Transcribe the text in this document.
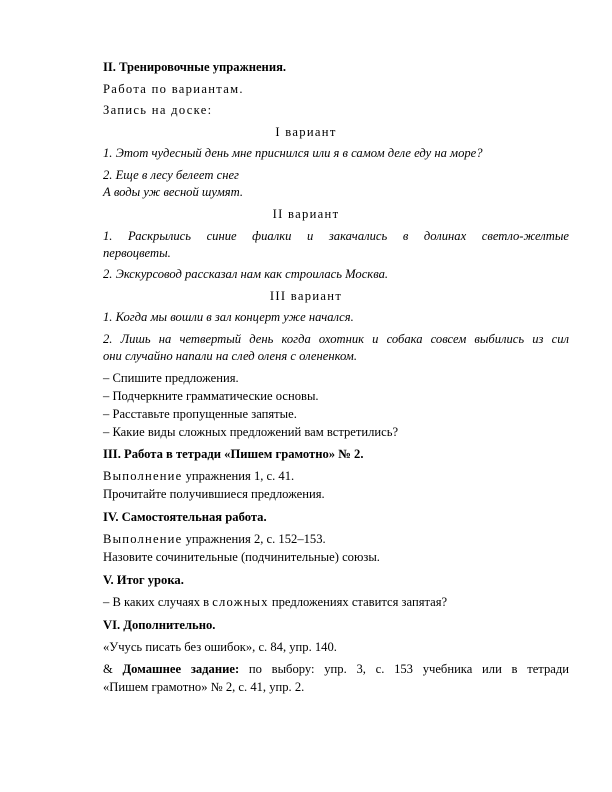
II. Тренировочные упражнения.
Работа по вариантам.
Запись на доске:
I вариант
1. Этот чудесный день мне приснился или я в самом деле еду на море?
2. Еще в лесу белеет снег
А воды уж весной шумят.
II вариант
1. Раскрылись синие фиалки и закачались в долинах светло-желтые
первоцветы.
2. Экскурсовод рассказал нам как строилась Москва.
III вариант
1. Когда мы вошли в зал концерт уже начался.
2. Лишь на четвертый день когда охотник и собака совсем выбились из сил
они случайно напали на след оленя с олененком.
– Спишите предложения.
– Подчеркните грамматические основы.
– Расставьте пропущенные запятые.
– Какие виды сложных предложений вам встретились?
III. Работа в тетради «Пишем грамотно» № 2.
Выполнение упражнения 1, с. 41.
Прочитайте получившиеся предложения.
IV. Самостоятельная работа.
Выполнение упражнения 2, с. 152–153.
Назовите сочинительные (подчинительные) союзы.
V. Итог урока.
– В каких случаях в сложных предложениях ставится запятая?
VI. Дополнительно.
«Учусь писать без ошибок», с. 84, упр. 140.
& Домашнее задание: по выбору: упр. 3, с. 153 учебника или в тетради
«Пишем грамотно» № 2, с. 41, упр. 2.
